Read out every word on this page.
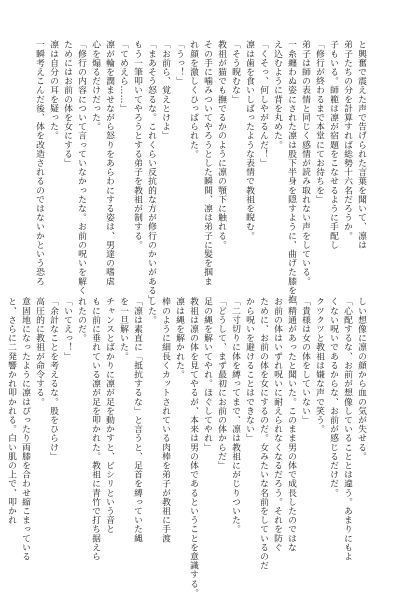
と興奮で震えた声で告げられた言葉を聞いて、凛は
弟子たちの分を計算すれば総勢十六名だろうか。
子もいる。師範は凛が宿題をこなせるように手配し
「修行が終わるまで本堂にてお待ちを」
弟子は師の表情と同じく感情が読み取れない声をしている。
一糸纏わぬ姿にされた凛は股下半身を隠すように、曲げた膝を抱
え込むように背を丸めた。
「くそっ、何しやがるんだ！」
凛は歯を食いしばったような表情で教祖を睨む。
「そう睨むな」
教祖が猫でも撫でるかのように凛の顎下に触れる。
その手に噛みついてやろうとした瞬間、凛は弟子に髪を掴ま
れ顔を激しくひっぱられた。
「うっ！」
「お前ら、覚えとけよ」
「まあそう怒るな。これくらい反抗的な方が修行のかいがある」
もう一筆叩いてやろうとする弟子を教祖が制する。
「てめえら……」
凛が輪を潤ませながら怒りをあらわにする姿は、男達の嗜虐
心を煽るだけだった。
「修行の内容について言っていなかったな。お前の呪いを解く
ためにはお前の体を女にする」
凛は自分の耳を疑った。
一瞬考えこんだ後、体を改造されるのではないかという恐ろ
しい想像に凛の顔から血の気が失せる。
「心配するな、お前が想像していることとは違う。あまりにもよ
くない呪いであるからな、お前が感じるだけだ。
クツクツと教祖は嫌な声で笑う。
「貴様は女の体をしていない」
「精通があったと聞いた。このまま男の体で成長したのではな
お前の体はいずれ呪いに耐えられなくなるだろう。それを防ぐ
ために、お前の体を女にするのだ。女みたいな名前をしているのだ
から呪いを避けることはできない」
「二寸切りに体を縛ってまで、凛は教祖にがじりついた。
「どうして、まず最初にお前の体からだ」
足の縄を解いてやれ。ほぐしてやれ」
教祖は凛の体を見てやるが、本来は男の体であるということを意識する。
凛は縄を解かれた。
棒のように細長くカットされている肉棒を弟子が教祖に手渡
した。
「凛は素直に「抵抗するな」と言うと、足首を縛っていた縄
を一旦解いた。
チャンスとばかりに凛が足を動かすと、ビシリという音と
もに前に垂れている凛が足を叩かれた。教祖に青竹で打ち据えら
れたのだ。
「いてえっ！」
「余計なことを考えるな。股をひらけ」
高圧的に教祖が命令する。
意固地になったように凛はぴったり両膝を合わせ縮こまっている
と、さらに二発響かれ叩かれる。白い肌の上で、叩かれ
